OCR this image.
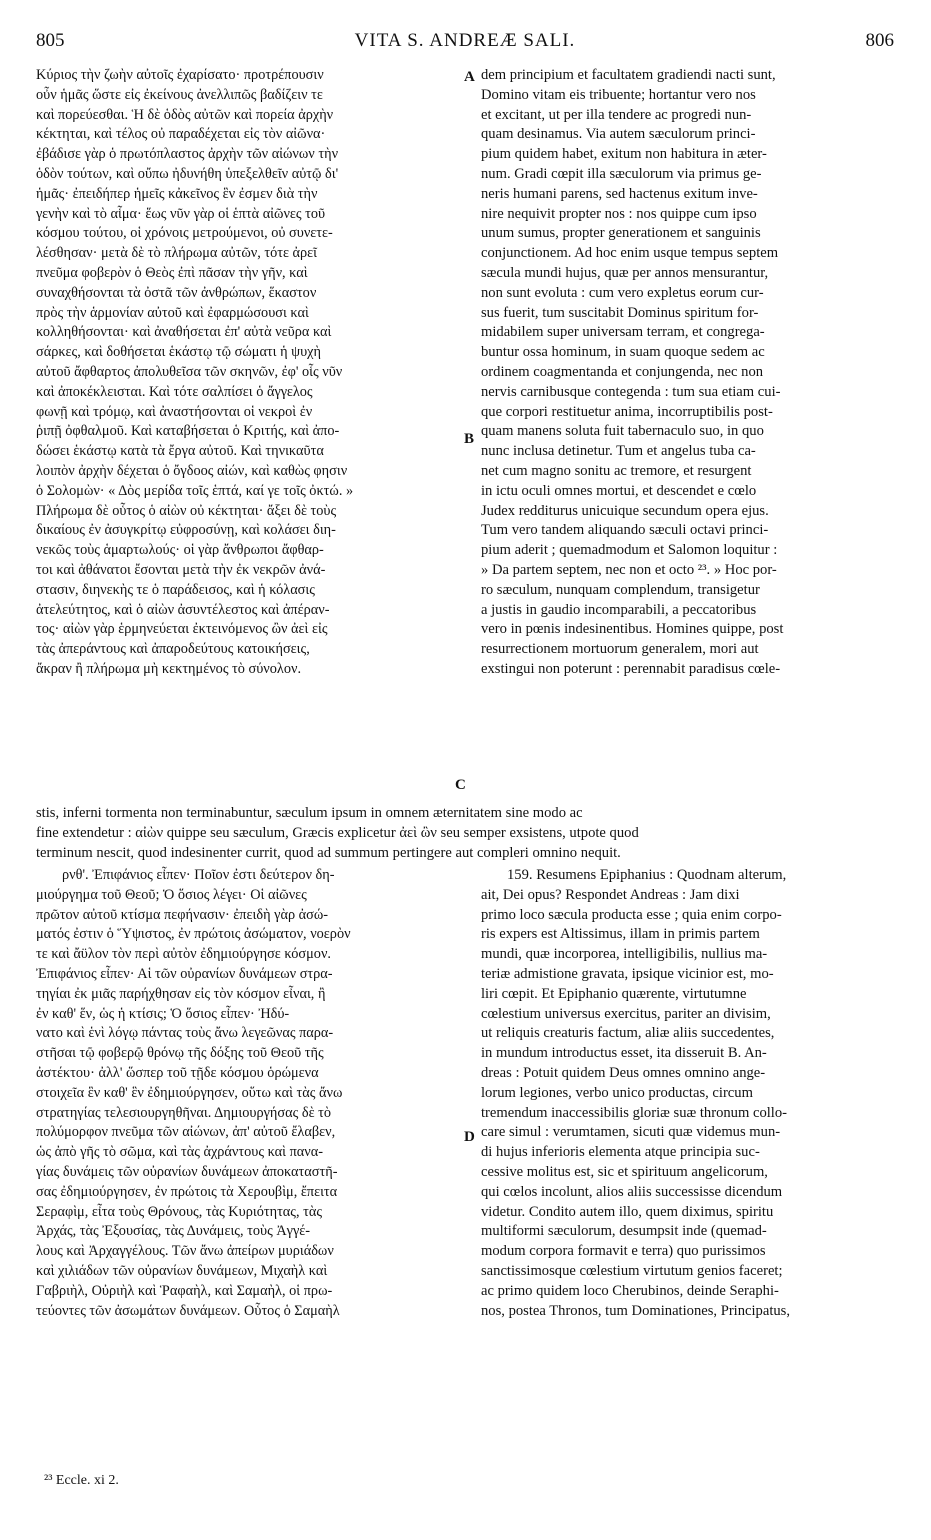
805	VITA S. ANDREÆ SALI.	806
A
B
C
D
Κύριος τὴν ζωὴν αὐτοῖς ἐχαρίσατο· προτρέπουσιν
οὖν ἡμᾶς ὥστε εἰς ἐκείνους ἀνελλιπῶς βαδίζειν τε
καὶ πορεύεσθαι. Ἡ δὲ ὁδὸς αὐτῶν καὶ πορεία ἀρχὴν
κέκτηται, καὶ τέλος οὐ παραδέχεται εἰς τὸν αἰῶνα·
ἐβάδισε γὰρ ὁ πρωτόπλαστος ἀρχὴν τῶν αἰώνων τὴν
ὁδὸν τούτων, καὶ οὔπω ἠδυνήθη ὑπεξελθεῖν αὐτῷ δι'
ἡμᾶς· ἐπειδήπερ ἡμεῖς κἀκεῖνος ἓν ἐσμεν διὰ τὴν
γενὴν καὶ τὸ αἷμα· ἕως νῦν γὰρ οἱ ἑπτὰ αἰῶνες τοῦ
κόσμου τούτου, οἱ χρόνοις μετρούμενοι, οὐ συνετε-
λέσθησαν· μετὰ δὲ τὸ πλήρωμα αὐτῶν, τότε ἀρεῖ
πνεῦμα φοβερὸν ὁ Θεὸς ἐπὶ πᾶσαν τὴν γῆν, καὶ
συναχθήσονται τὰ ὀστᾶ τῶν ἀνθρώπων, ἕκαστον
πρὸς τὴν ἁρμονίαν αὐτοῦ καὶ ἐφαρμώσουσι καὶ
κολληθήσονται· καὶ ἀναθήσεται ἐπ' αὐτὰ νεῦρα καὶ
σάρκες, καὶ δοθήσεται ἑκάστῳ τῷ σώματι ἡ ψυχὴ
αὐτοῦ ἄφθαρτος ἀπολυθεῖσα τῶν σκηνῶν, ἐφ' οἷς νῦν
καὶ ἀποκέκλεισται. Καὶ τότε σαλπίσει ὁ ἄγγελος
φωνῇ καὶ τρόμῳ, καὶ ἀναστήσονται οἱ νεκροὶ ἐν
ῥιπῇ ὀφθαλμοῦ. Καὶ καταβήσεται ὁ Κριτής, καὶ ἀπο-
δώσει ἑκάστῳ κατὰ τὰ ἔργα αὐτοῦ. Καὶ τηνικαῦτα
λοιπὸν ἀρχὴν δέχεται ὁ ὄγδοος αἰών, καὶ καθὼς φησιν
ὁ Σολομὼν· « Δὸς μερίδα τοῖς ἑπτά, καί γε τοῖς ὀκτώ. »
Πλήρωμα δὲ οὗτος ὁ αἰὼν οὐ κέκτηται· ἄξει δὲ τοὺς
δικαίους ἐν ἀσυγκρίτῳ εὐφροσύνῃ, καὶ κολάσει διη-
νεκῶς τοὺς ἁμαρτωλούς· οἱ γὰρ ἄνθρωποι ἄφθαρ-
τοι καὶ ἀθάνατοι ἔσονται μετὰ τὴν ἐκ νεκρῶν ἀνά-
στασιν, διηνεκὴς τε ὁ παράδεισος, καὶ ἡ κόλασις
ἀτελεύτητος, καὶ ὁ αἰὼν ἀσυντέλεστος καὶ ἀπέραν-
τος· αἰὼν γὰρ ἑρμηνεύεται ἐκτεινόμενος ὢν ἀεὶ εἰς
τὰς ἀπεράντους καὶ ἀπαροδεύτους κατοικήσεις,
ἄκραν ἢ πλήρωμα μὴ κεκτημένος τὸ σύνολον.
dem principium et facultatem gradiendi nacti sunt,
Domino vitam eis tribuente; hortantur vero nos
et excitant, ut per illa tendere ac progredi nun-
quam desinamus. Via autem sæculorum princi-
pium quidem habet, exitum non habitura in æter-
num. Gradi cœpit illa sæculorum via primus ge-
neris humani parens, sed hactenus exitum inve-
nire nequivit propter nos : nos quippe cum ipso
unum sumus, propter generationem et sanguinis
conjunctionem. Ad hoc enim usque tempus septem
sæcula mundi hujus, quæ per annos mensurantur,
non sunt evoluta : cum vero expletus eorum cur-
sus fuerit, tum suscitabit Dominus spiritum for-
midabilem super universam terram, et congrega-
buntur ossa hominum, in suam quoque sedem ac
ordinem coagmentanda et conjungenda, nec non
nervis carnibusque contegenda : tum sua etiam cui-
que corpori restituetur anima, incorruptibilis post-
quam manens soluta fuit tabernaculo suo, in quo
nunc inclusa detinetur. Tum et angelus tuba ca-
net cum magno sonitu ac tremore, et resurgent
in ictu oculi omnes mortui, et descendet e cœlo
Judex redditurus unicuique secundum opera ejus.
Tum vero tandem aliquando sæculi octavi princi-
pium aderit ; quemadmodum et Salomon loquitur :
» Da partem septem, nec non et octo ²³. » Hoc por-
ro sæculum, nunquam complendum, transigetur
a justis in gaudio incomparabili, a peccatoribus
vero in pœnis indesinentibus. Homines quippe, post
resurrectionem mortuorum generalem, mori aut
exstingui non poterunt : perennabit paradisus cœle-
stis, inferni tormenta non terminabuntur, sæculum ipsum in omnem æternitatem sine modo ac
fine extendetur : αἰὼν quippe seu sæculum, Græcis explicetur ἀεὶ ὢν seu semper exsistens, utpote quod
terminum nescit, quod indesinenter currit, quod ad summum pertingere aut compleri omnino nequit.
ρνθ'. Ἐπιφάνιος εἶπεν· Ποῖον ἐστι δεύτερον δη-
μιούργημα τοῦ Θεοῦ; Ὁ ὅσιος λέγει· Οἱ αἰῶνες
πρῶτον αὐτοῦ κτίσμα πεφήνασιν· ἐπειδὴ γὰρ ἀσώ-
ματός ἐστιν ὁ Ὕψιστος, ἐν πρώτοις ἀσώματον, νοερὸν
τε καὶ ἄϋλον τὸν περὶ αὐτὸν ἐδημιούργησε κόσμον.
Ἐπιφάνιος εἶπεν· Αἱ τῶν οὐρανίων δυνάμεων στρα-
τηγίαι ἐκ μιᾶς παρήχθησαν εἰς τὸν κόσμον εἶναι, ἢ
ἐν καθ' ἕν, ὡς ἡ κτίσις; Ὁ ὅσιος εἶπεν· Ἠδύ-
νατο καὶ ἑνὶ λόγῳ πάντας τοὺς ἄνω λεγεῶνας παρα-
στῆσαι τῷ φοβερῷ θρόνῳ τῆς δόξης τοῦ Θεοῦ τῆς
ἀστέκτου· ἀλλ' ὥσπερ τοῦ τῇδε κόσμου ὁρώμενα
στοιχεῖα ἓν καθ' ἓν ἐδημιούργησεν, οὕτω καὶ τὰς ἄνω
στρατηγίας τελεσιουργηθῆναι. Δημιουργήσας δὲ τὸ
πολύμορφον πνεῦμα τῶν αἰώνων, ἀπ' αὐτοῦ ἔλαβεν,
ὡς ἀπὸ γῆς τὸ σῶμα, καὶ τὰς ἀχράντους καὶ πανα-
γίας δυνάμεις τῶν οὐρανίων δυνάμεων ἀποκαταστῆ-
σας ἐδημιούργησεν, ἐν πρώτοις τὰ Χερουβὶμ, ἔπειτα
Σεραφὶμ, εἶτα τοὺς Θρόνους, τὰς Κυριότητας, τὰς
Ἀρχάς, τὰς Ἐξουσίας, τὰς Δυνάμεις, τοὺς Ἀγγέ-
λους καὶ Ἀρχαγγέλους. Τῶν ἄνω ἀπείρων μυριάδων
καὶ χιλιάδων τῶν οὐρανίων δυνάμεων, Μιχαὴλ καὶ
Γαβριὴλ, Οὐριὴλ καὶ Ῥαφαὴλ, καὶ Σαμαὴλ, οἱ πρω-
τεύοντες τῶν ἀσωμάτων δυνάμεων. Οὗτος ὁ Σαμαὴλ
159. Resumens Epiphanius : Quodnam alterum,
ait, Dei opus? Respondet Andreas : Jam dixi
primo loco sæcula producta esse ; quia enim corpo-
ris expers est Altissimus, illam in primis partem
mundi, quæ incorporea, intelligibilis, nullius ma-
teriæ admistione gravata, ipsique vicinior est, mo-
liri cœpit. Et Epiphanio quærente, virtutumne
cœlestium universus exercitus, pariter an divisim,
ut reliquis creaturis factum, aliæ aliis succedentes,
in mundum introductus esset, ita disseruit B. An-
dreas : Potuit quidem Deus omnes omnino ange-
lorum legiones, verbo unico productas, circum
tremendum inaccessibilis gloriæ suæ thronum collo-
care simul : verumtamen, sicuti quæ videmus mun-
di hujus inferioris elementa atque principia suc-
cessive molitus est, sic et spirituum angelicorum,
qui cœlos incolunt, alios aliis successisse dicendum
videtur. Condito autem illo, quem diximus, spiritu
multiformi sæculorum, desumpsit inde (quemad-
modum corpora formavit e terra) quo purissimos
sanctissimosque cœlestium virtutum genios faceret;
ac primo quidem loco Cherubinos, deinde Seraphi-
nos, postea Thronos, tum Dominationes, Principatus,
²³ Eccle. xi 2.
